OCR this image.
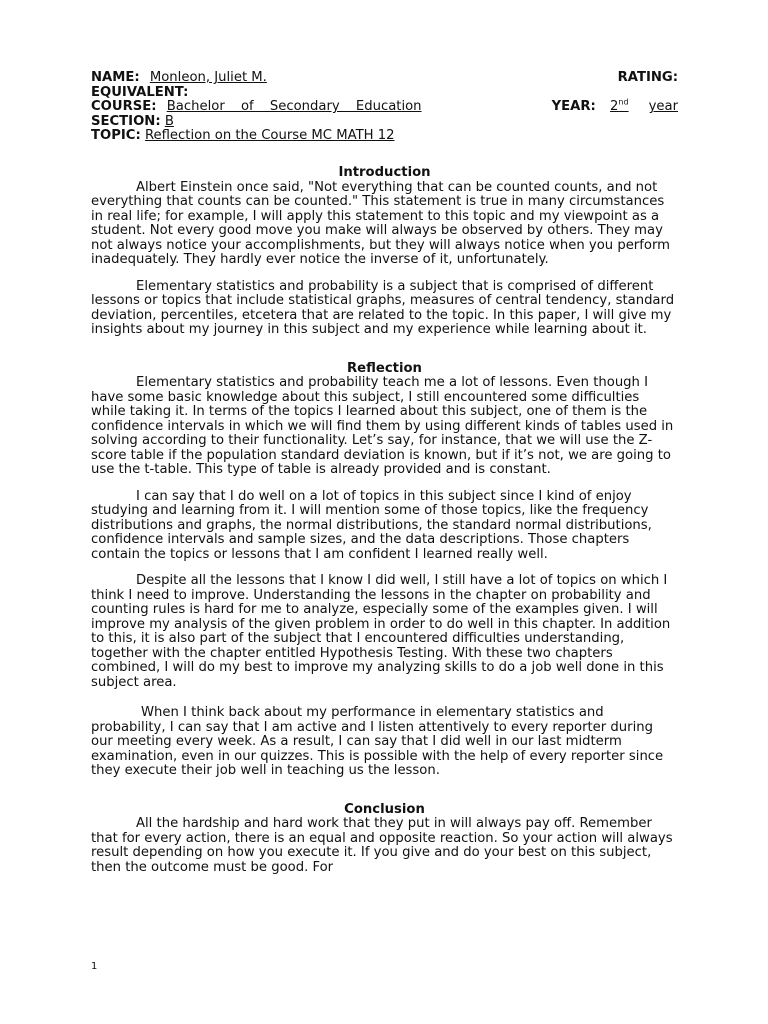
NAME: Monleon, Juliet M.	RATING:
EQUIVALENT:
COURSE: Bachelor of Secondary Education	YEAR: 2nd year
SECTION: B
TOPIC: Reflection on the Course MC MATH 12
Introduction

Albert Einstein once said, "Not everything that can be counted counts, and not everything that counts can be counted." This statement is true in many circumstances in real life; for example, I will apply this statement to this topic and my viewpoint as a student. Not every good move you make will always be observed by others. They may not always notice your accomplishments, but they will always notice when you perform inadequately. They hardly ever notice the inverse of it, unfortunately.

Elementary statistics and probability is a subject that is comprised of different lessons or topics that include statistical graphs, measures of central tendency, standard deviation, percentiles, etcetera that are related to the topic. In this paper, I will give my insights about my journey in this subject and my experience while learning about it.

Reflection

Elementary statistics and probability teach me a lot of lessons. Even though I have some basic knowledge about this subject, I still encountered some difficulties while taking it. In terms of the topics I learned about this subject, one of them is the confidence intervals in which we will find them by using different kinds of tables used in solving according to their functionality. Let’s say, for instance, that we will use the Z-score table if the population standard deviation is known, but if it’s not, we are going to use the t-table. This type of table is already provided and is constant.

I can say that I do well on a lot of topics in this subject since I kind of enjoy studying and learning from it. I will mention some of those topics, like the frequency distributions and graphs, the normal distributions, the standard normal distributions, confidence intervals and sample sizes, and the data descriptions. Those chapters contain the topics or lessons that I am confident I learned really well.

Despite all the lessons that I know I did well, I still have a lot of topics on which I think I need to improve. Understanding the lessons in the chapter on probability and counting rules is hard for me to analyze, especially some of the examples given. I will improve my analysis of the given problem in order to do well in this chapter. In addition to this, it is also part of the subject that I encountered difficulties understanding, together with the chapter entitled Hypothesis Testing. With these two chapters combined, I will do my best to improve my analyzing skills to do a job well done in this subject area.

When I think back about my performance in elementary statistics and probability, I can say that I am active and I listen attentively to every reporter during our meeting every week. As a result, I can say that I did well in our last midterm examination, even in our quizzes. This is possible with the help of every reporter since they execute their job well in teaching us the lesson.

Conclusion

All the hardship and hard work that they put in will always pay off. Remember that for every action, there is an equal and opposite reaction. So your action will always result depending on how you execute it. If you give and do your best on this subject, then the outcome must be good. For

1
